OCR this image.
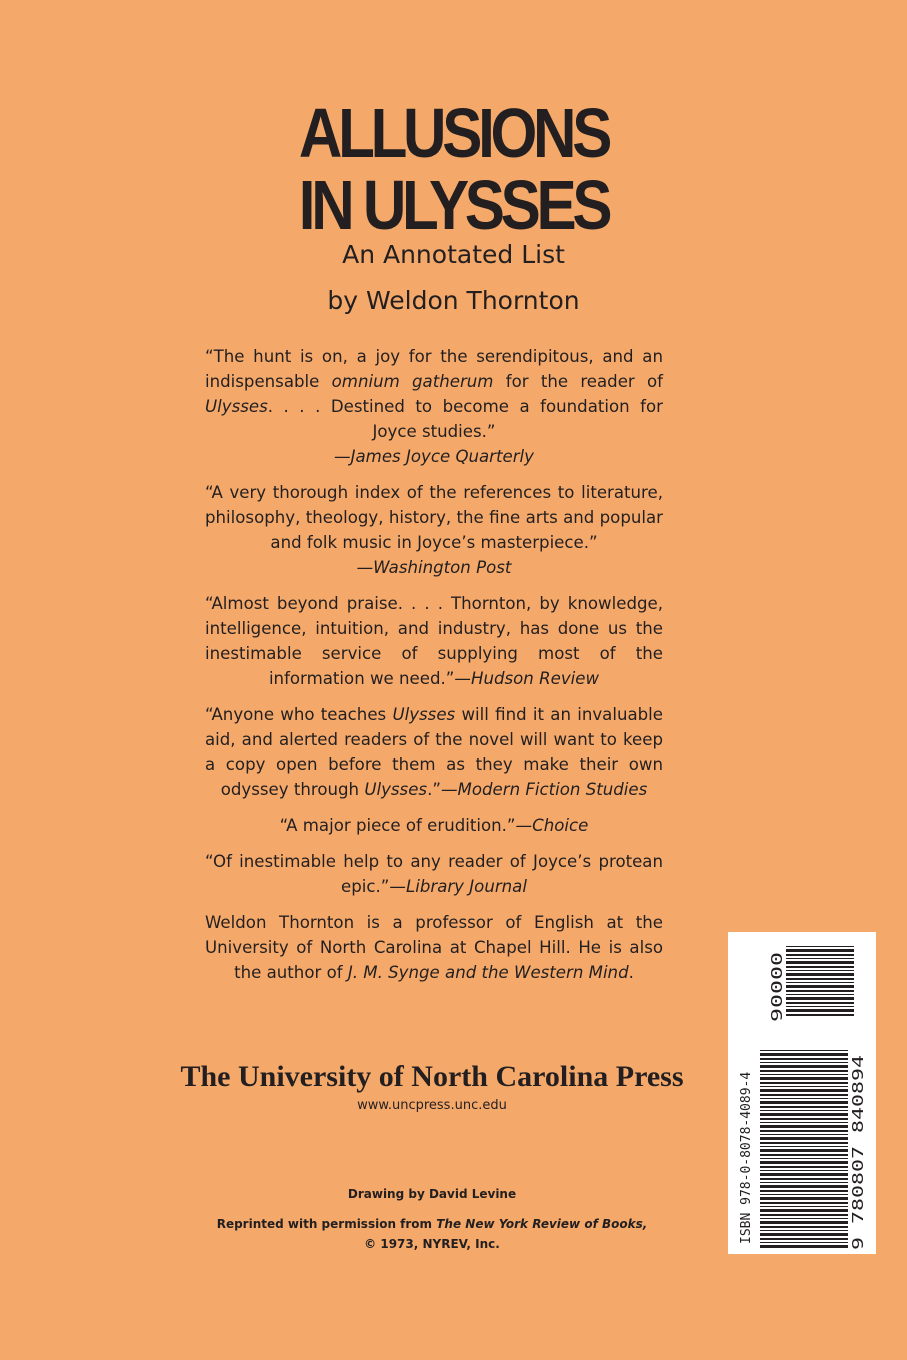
ALLUSIONS
IN ULYSSES

An Annotated List

by Weldon Thornton

“The hunt is on, a joy for the serendipitous, and an indispensable omnium gatherum for the reader of Ulysses. . . . Destined to become a foundation for Joyce studies.”
—James Joyce Quarterly

“A very thorough index of the references to literature, philosophy, theology, history, the fine arts and popular and folk music in Joyce’s masterpiece.”
—Washington Post

“Almost beyond praise. . . . Thornton, by knowledge, intelligence, intuition, and industry, has done us the inestimable service of supplying most of the information we need.”—Hudson Review

“Anyone who teaches Ulysses will find it an invaluable aid, and alerted readers of the novel will want to keep a copy open before them as they make their own odyssey through Ulysses.”—Modern Fiction Studies

“A major piece of erudition.”—Choice

“Of inestimable help to any reader of Joyce’s protean epic.”—Library Journal

Weldon Thornton is a professor of English at the University of North Carolina at Chapel Hill. He is also the author of J. M. Synge and the Western Mind.

The University of North Carolina Press

www.uncpress.unc.edu

Drawing by David Levine

Reprinted with permission from The New York Review of Books,
© 1973, NYREV, Inc.	ISBN 978-0-8078-4089-4	9 780807 840894
90000
